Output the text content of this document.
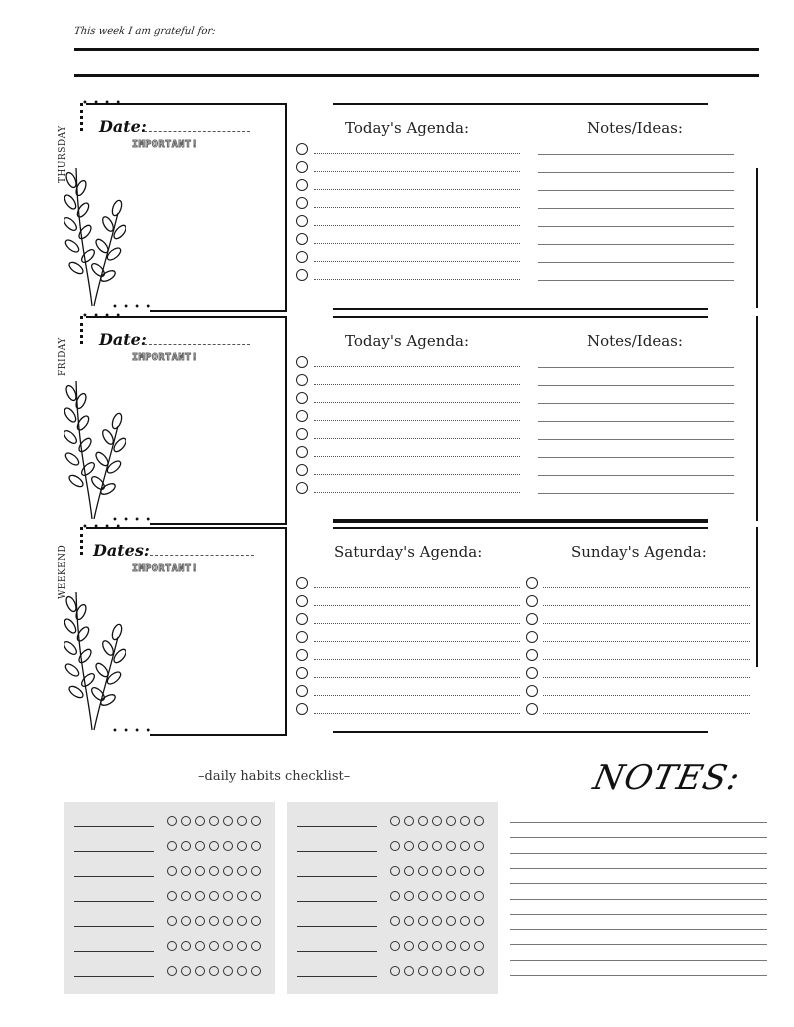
This week I am grateful for:
THURSDAY
• • • •
• • • •
Date:
IMPORTANT!
Today's Agenda:	Notes/Ideas:
FRIDAY
• • • •
• • • •
Date:
IMPORTANT!
Today's Agenda:	Notes/Ideas:
WEEKEND
• • • •
• • • •
Dates:
IMPORTANT!
Saturday's Agenda:	Sunday's Agenda:
–daily habits checklist–	NOTES:
